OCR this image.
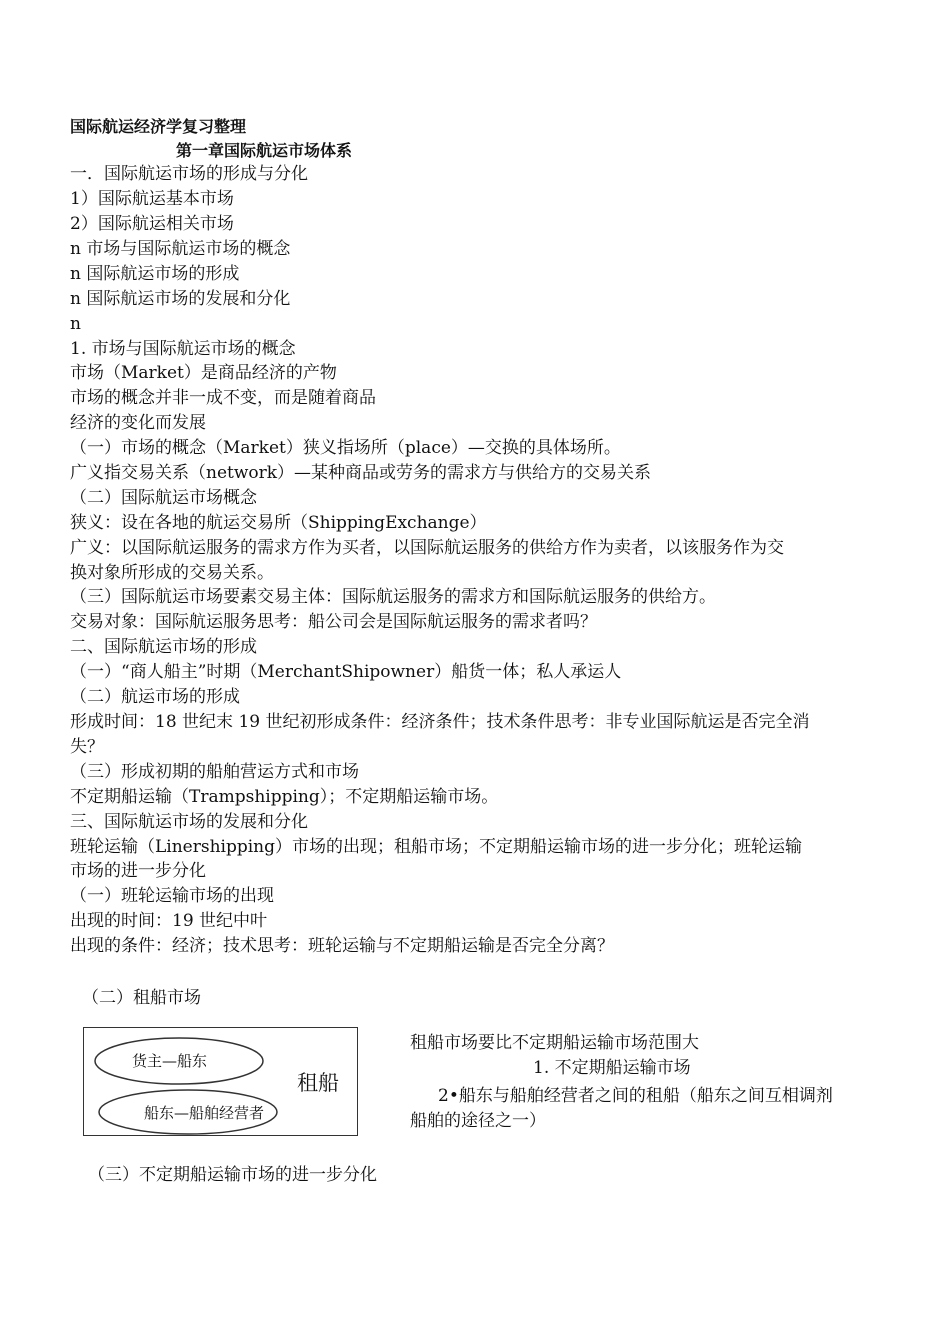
国际航运经济学复习整理
第一章国际航运市场体系
一．国际航运市场的形成与分化
1）国际航运基本市场
2）国际航运相关市场
n 市场与国际航运市场的概念
n 国际航运市场的形成
n 国际航运市场的发展和分化
n
1. 市场与国际航运市场的概念
市场（Market）是商品经济的产物
市场的概念并非一成不变，而是随着商品
经济的变化而发展
（一）市场的概念（Market）狭义指场所（place）—交换的具体场所。
广义指交易关系（network）—某种商品或劳务的需求方与供给方的交易关系
（二）国际航运市场概念
狭义：设在各地的航运交易所（ShippingExchange）
广义：以国际航运服务的需求方作为买者，以国际航运服务的供给方作为卖者，以该服务作为交
换对象所形成的交易关系。
（三）国际航运市场要素交易主体：国际航运服务的需求方和国际航运服务的供给方。
交易对象：国际航运服务思考：船公司会是国际航运服务的需求者吗？
二、国际航运市场的形成
（一）“商人船主”时期（MerchantShipowner）船货一体；私人承运人
（二）航运市场的形成
形成时间：18 世纪末 19 世纪初形成条件：经济条件；技术条件思考：非专业国际航运是否完全消
失？
（三）形成初期的船舶营运方式和市场
不定期船运输（Trampshipping）；不定期船运输市场。
三、国际航运市场的发展和分化
班轮运输（Linershipping）市场的出现；租船市场；不定期船运输市场的进一步分化；班轮运输
市场的进一步分化
（一）班轮运输市场的出现
出现的时间：19 世纪中叶
出现的条件：经济；技术思考：班轮运输与不定期船运输是否完全分离？
（二）租船市场
货主—船东
船东—船舶经营者
租船
租船市场要比不定期船运输市场范围大
1. 不定期船运输市场
2•船东与船舶经营者之间的租船（船东之间互相调剂
船舶的途径之一）
（三）不定期船运输市场的进一步分化
